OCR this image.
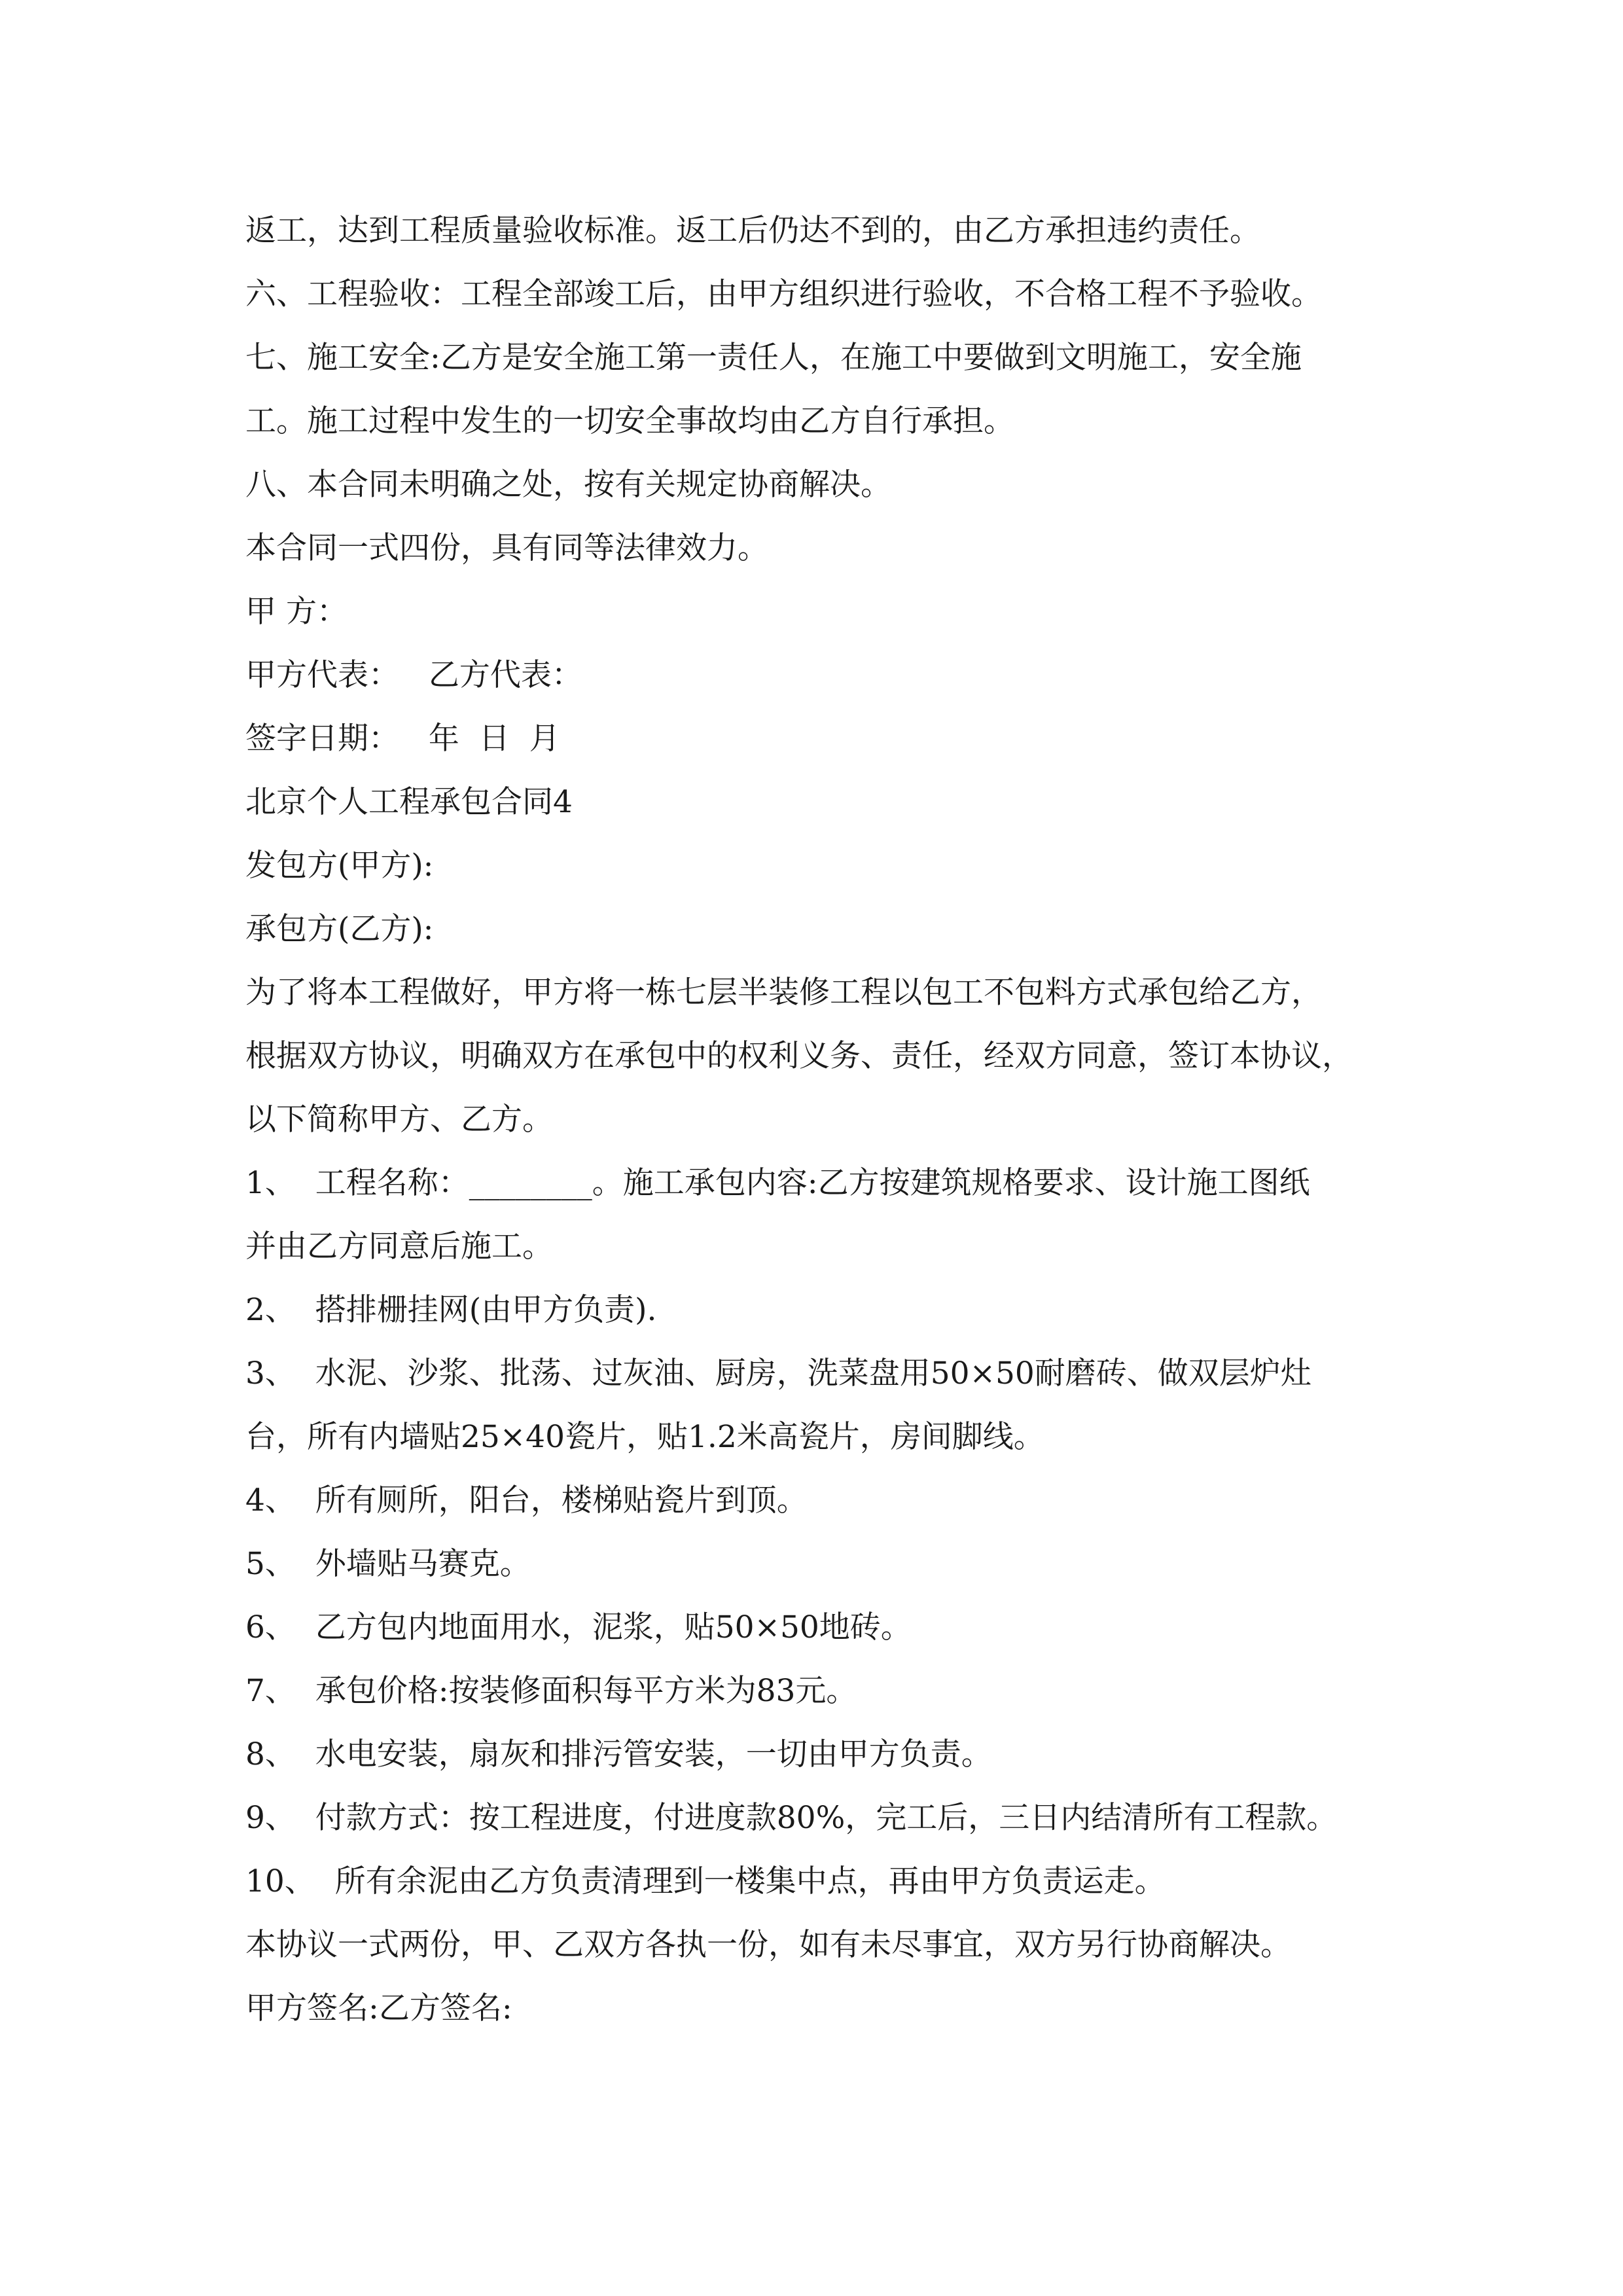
返工，达到工程质量验收标准。返工后仍达不到的，由乙方承担违约责任。
六、工程验收：工程全部竣工后，由甲方组织进行验收，不合格工程不予验收。
七、施工安全:乙方是安全施工第一责任人，在施工中要做到文明施工，安全施
工。施工过程中发生的一切安全事故均由乙方自行承担。
八、本合同未明确之处，按有关规定协商解决。
本合同一式四份，具有同等法律效力。
甲 方：
甲方代表：   乙方代表：
签字日期：   年  日  月
北京个人工程承包合同4
发包方(甲方):
承包方(乙方):
为了将本工程做好，甲方将一栋七层半装修工程以包工不包料方式承包给乙方，
根据双方协议，明确双方在承包中的权利义务、责任，经双方同意，签订本协议，
以下简称甲方、乙方。
1、  工程名称：________。施工承包内容:乙方按建筑规格要求、设计施工图纸
并由乙方同意后施工。
2、  搭排栅挂网(由甲方负责).
3、  水泥、沙浆、批荡、过灰油、厨房，洗菜盘用50×50耐磨砖、做双层炉灶
台，所有内墙贴25×40瓷片，贴1.2米高瓷片，房间脚线。
4、  所有厕所，阳台，楼梯贴瓷片到顶。
5、  外墙贴马赛克。
6、  乙方包内地面用水，泥浆，贴50×50地砖。
7、  承包价格:按装修面积每平方米为83元。
8、  水电安装，扇灰和排污管安装，一切由甲方负责。
9、  付款方式：按工程进度，付进度款80%，完工后，三日内结清所有工程款。
10、  所有余泥由乙方负责清理到一楼集中点，再由甲方负责运走。
本协议一式两份，甲、乙双方各执一份，如有未尽事宜，双方另行协商解决。
甲方签名:乙方签名:
